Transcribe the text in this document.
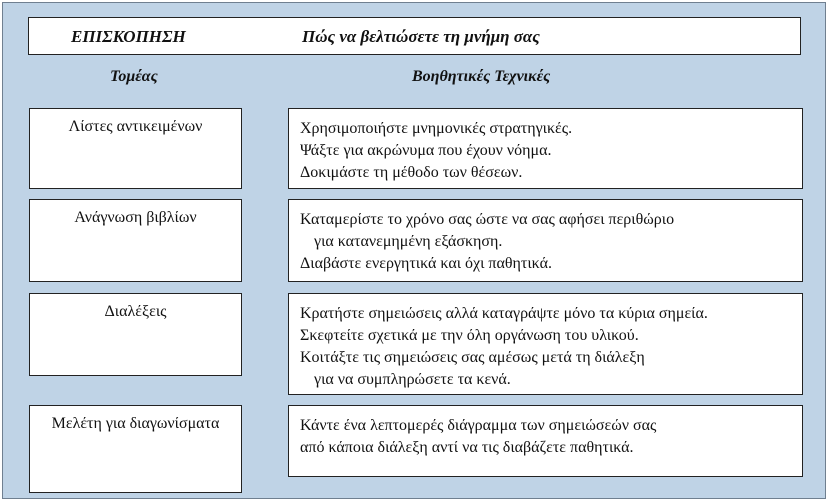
ΕΠΙΣΚΟΠΗΣΗ	Πώς να βελτιώσετε τη μνήμη σας
Τομέας	Βοηθητικές Τεχνικές
Λίστες αντικειμένων	Χρησιμοποιήστε μνημονικές στρατηγικές.
Ψάξτε για ακρώνυμα που έχουν νόημα.
Δοκιμάστε τη μέθοδο των θέσεων.
Ανάγνωση βιβλίων	Καταμερίστε το χρόνο σας ώστε να σας αφήσει περιθώριο
για κατανεμημένη εξάσκηση.
Διαβάστε ενεργητικά και όχι παθητικά.
Διαλέξεις	Κρατήστε σημειώσεις αλλά καταγράψτε μόνο τα κύρια σημεία.
Σκεφτείτε σχετικά με την όλη οργάνωση του υλικού.
Κοιτάξτε τις σημειώσεις σας αμέσως μετά τη διάλεξη
για να συμπληρώσετε τα κενά.
Μελέτη για διαγωνίσματα	Κάντε ένα λεπτομερές διάγραμμα των σημειώσεών σας
από κάποια διάλεξη αντί να τις διαβάζετε παθητικά.
